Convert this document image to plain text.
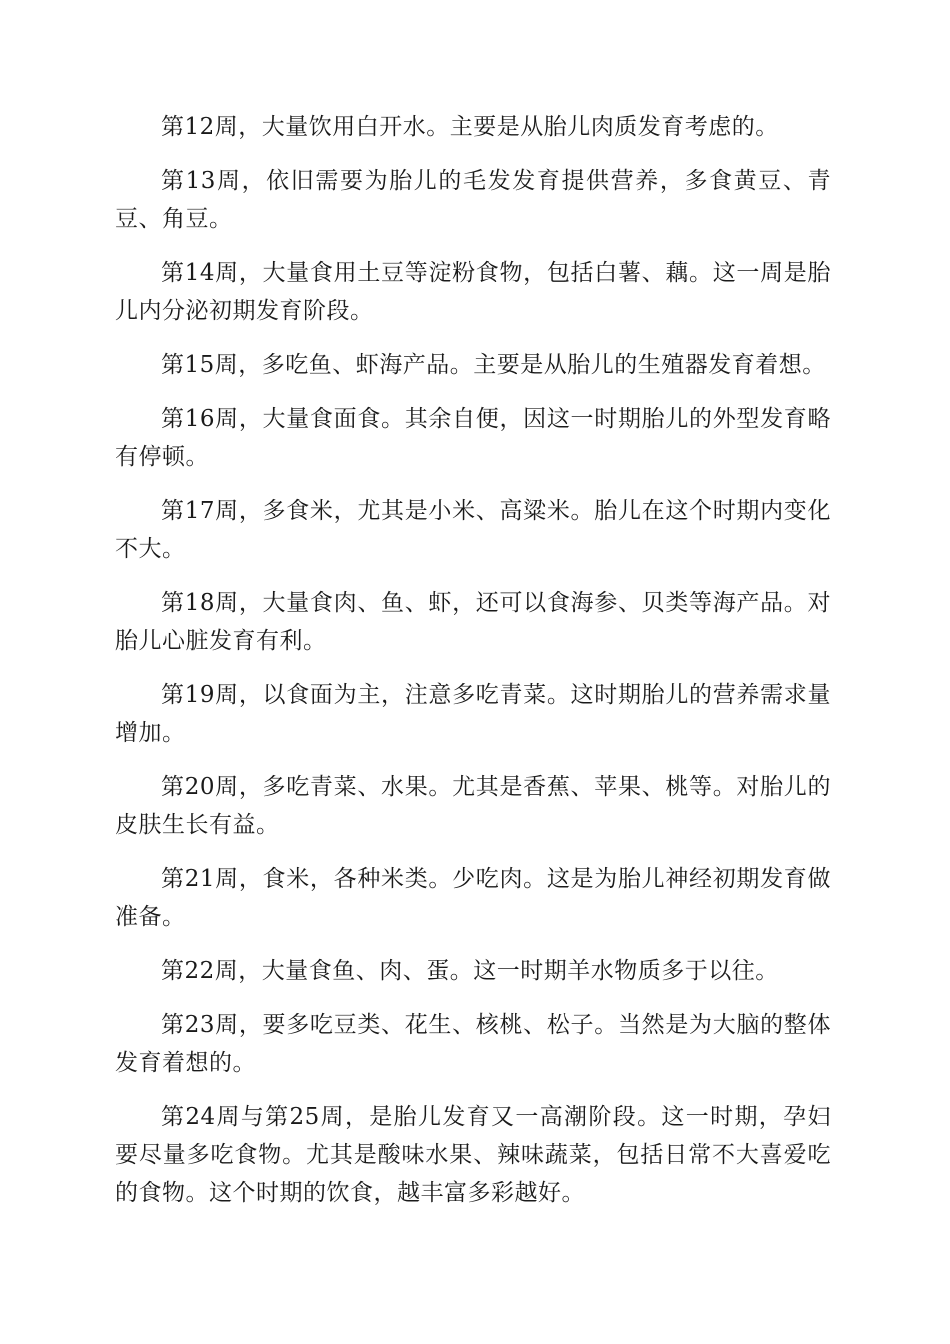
第12周，大量饮用白开水。主要是从胎儿肉质发育考虑的。

第13周，依旧需要为胎儿的毛发发育提供营养，多食黄豆、青豆、角豆。

第14周，大量食用土豆等淀粉食物，包括白薯、藕。这一周是胎儿内分泌初期发育阶段。

第15周，多吃鱼、虾海产品。主要是从胎儿的生殖器发育着想。

第16周，大量食面食。其余自便，因这一时期胎儿的外型发育略有停顿。

第17周，多食米，尤其是小米、高粱米。胎儿在这个时期内变化不大。

第18周，大量食肉、鱼、虾，还可以食海参、贝类等海产品。对胎儿心脏发育有利。

第19周，以食面为主，注意多吃青菜。这时期胎儿的营养需求量增加。

第20周，多吃青菜、水果。尤其是香蕉、苹果、桃等。对胎儿的皮肤生长有益。

第21周，食米，各种米类。少吃肉。这是为胎儿神经初期发育做准备。

第22周，大量食鱼、肉、蛋。这一时期羊水物质多于以往。

第23周，要多吃豆类、花生、核桃、松子。当然是为大脑的整体发育着想的。

第24周与第25周，是胎儿发育又一高潮阶段。这一时期，孕妇要尽量多吃食物。尤其是酸味水果、辣味蔬菜，包括日常不大喜爱吃的食物。这个时期的饮食，越丰富多彩越好。
